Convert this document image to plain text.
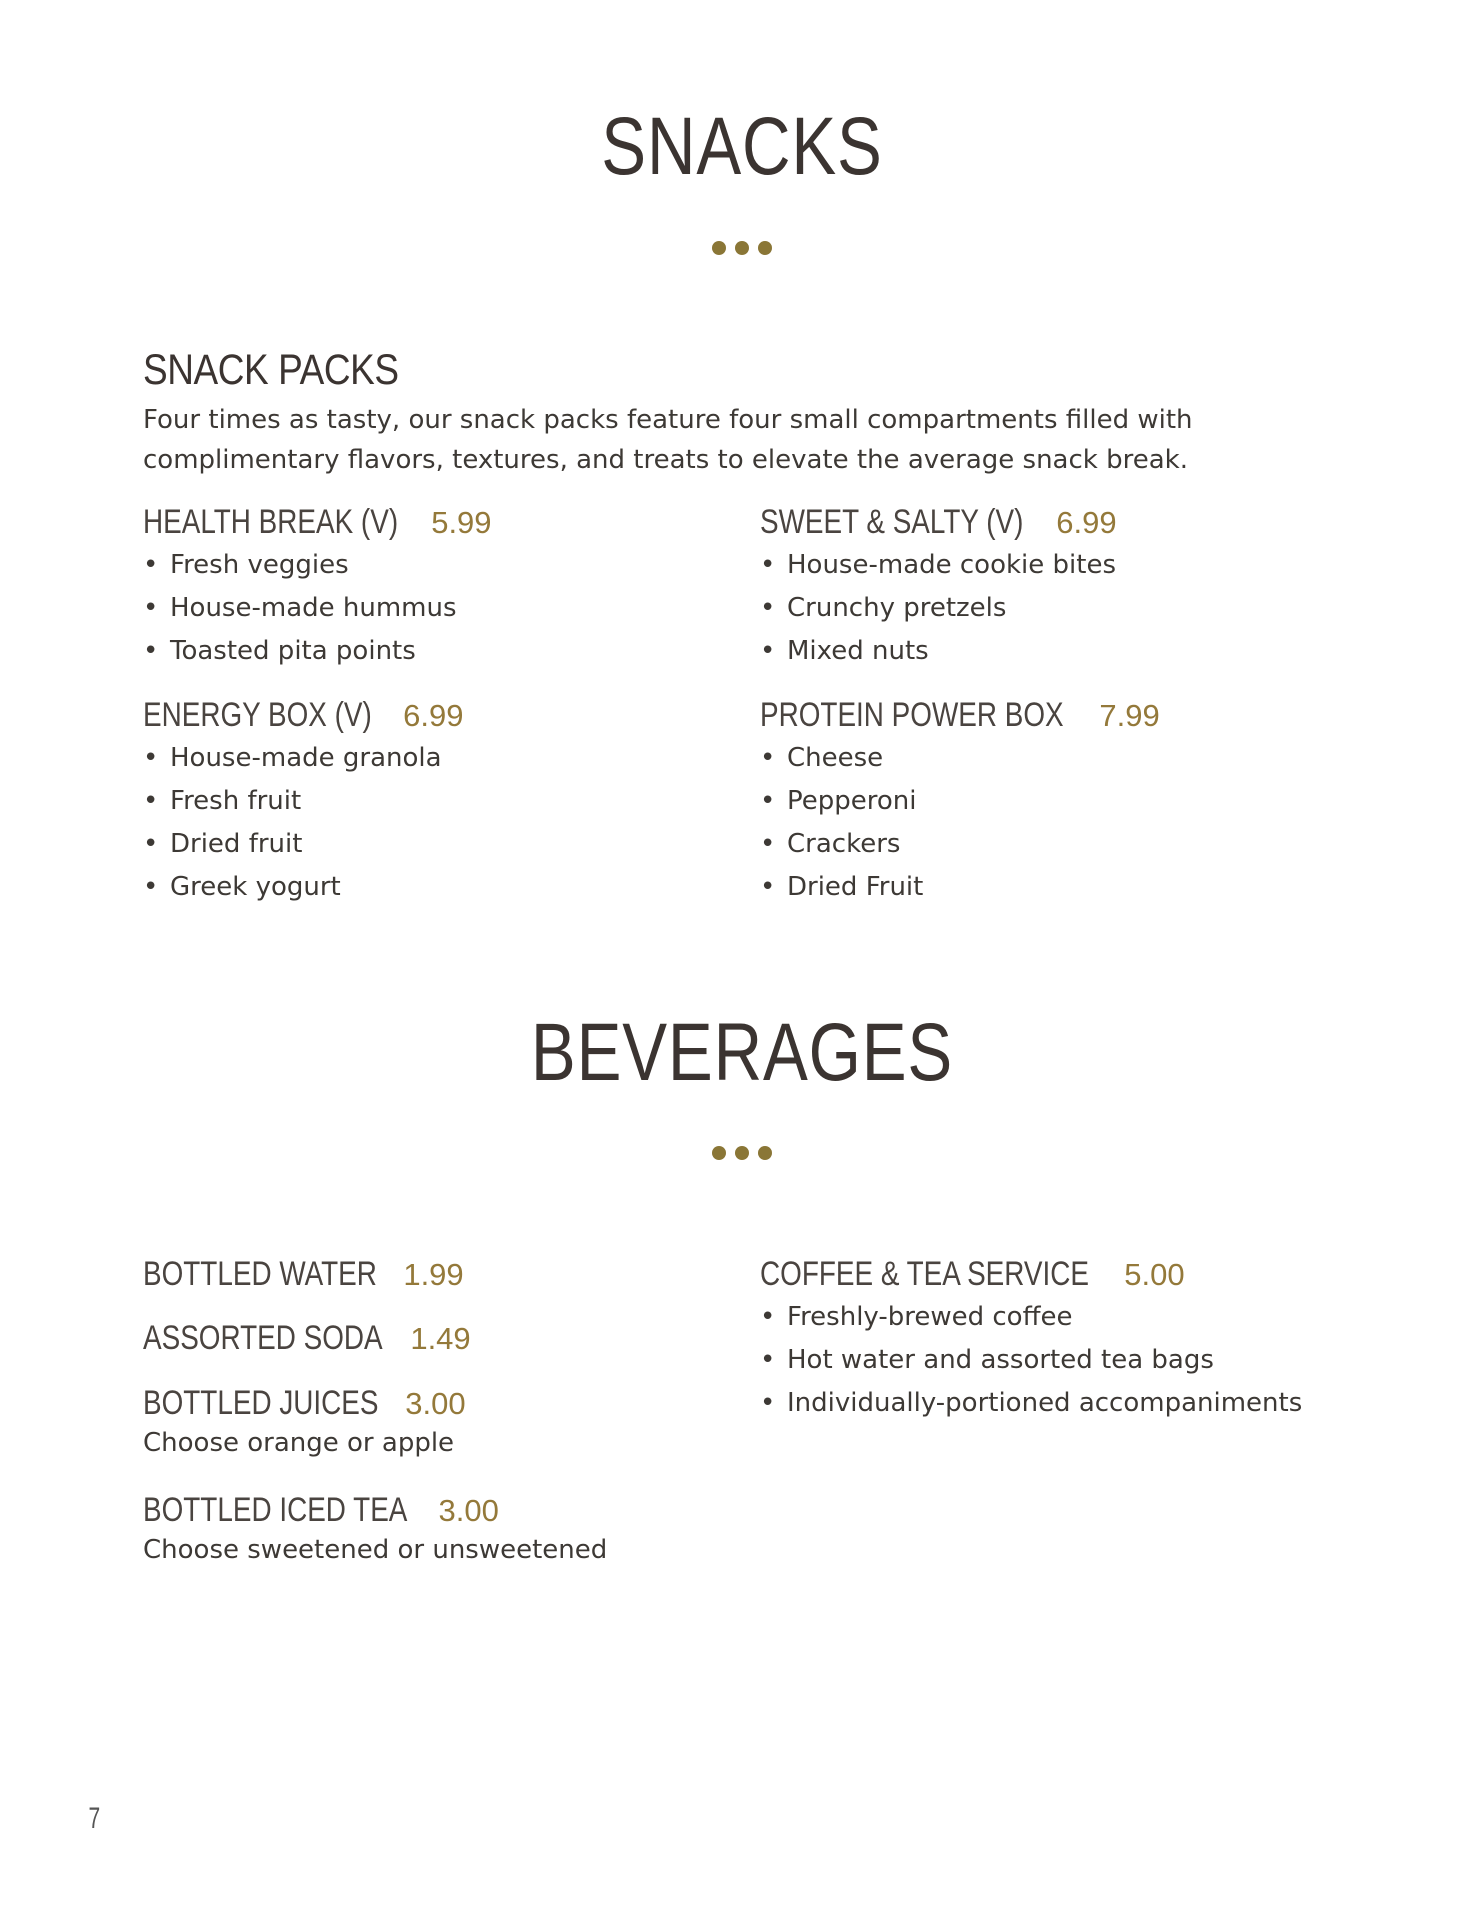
SNACKS
SNACK PACKS

Four times as tasty, our snack packs feature four small compartments filled with complimentary flavors, textures, and treats to elevate the average snack break.

HEALTH BREAK (V) 5.99
• Fresh veggies
• House-made hummus
• Toasted pita points
SWEET & SALTY (V) 6.99
• House-made cookie bites
• Crunchy pretzels
• Mixed nuts
ENERGY BOX (V) 6.99
• House-made granola
• Fresh fruit
• Dried fruit
• Greek yogurt
PROTEIN POWER BOX 7.99
• Cheese
• Pepperoni
• Crackers
• Dried Fruit
BEVERAGES
BOTTLED WATER 1.99
ASSORTED SODA 1.49
BOTTLED JUICES 3.00
Choose orange or apple
BOTTLED ICED TEA 3.00
Choose sweetened or unsweetened
COFFEE & TEA SERVICE 5.00
• Freshly-brewed coffee
• Hot water and assorted tea bags
• Individually-portioned accompaniments
7
